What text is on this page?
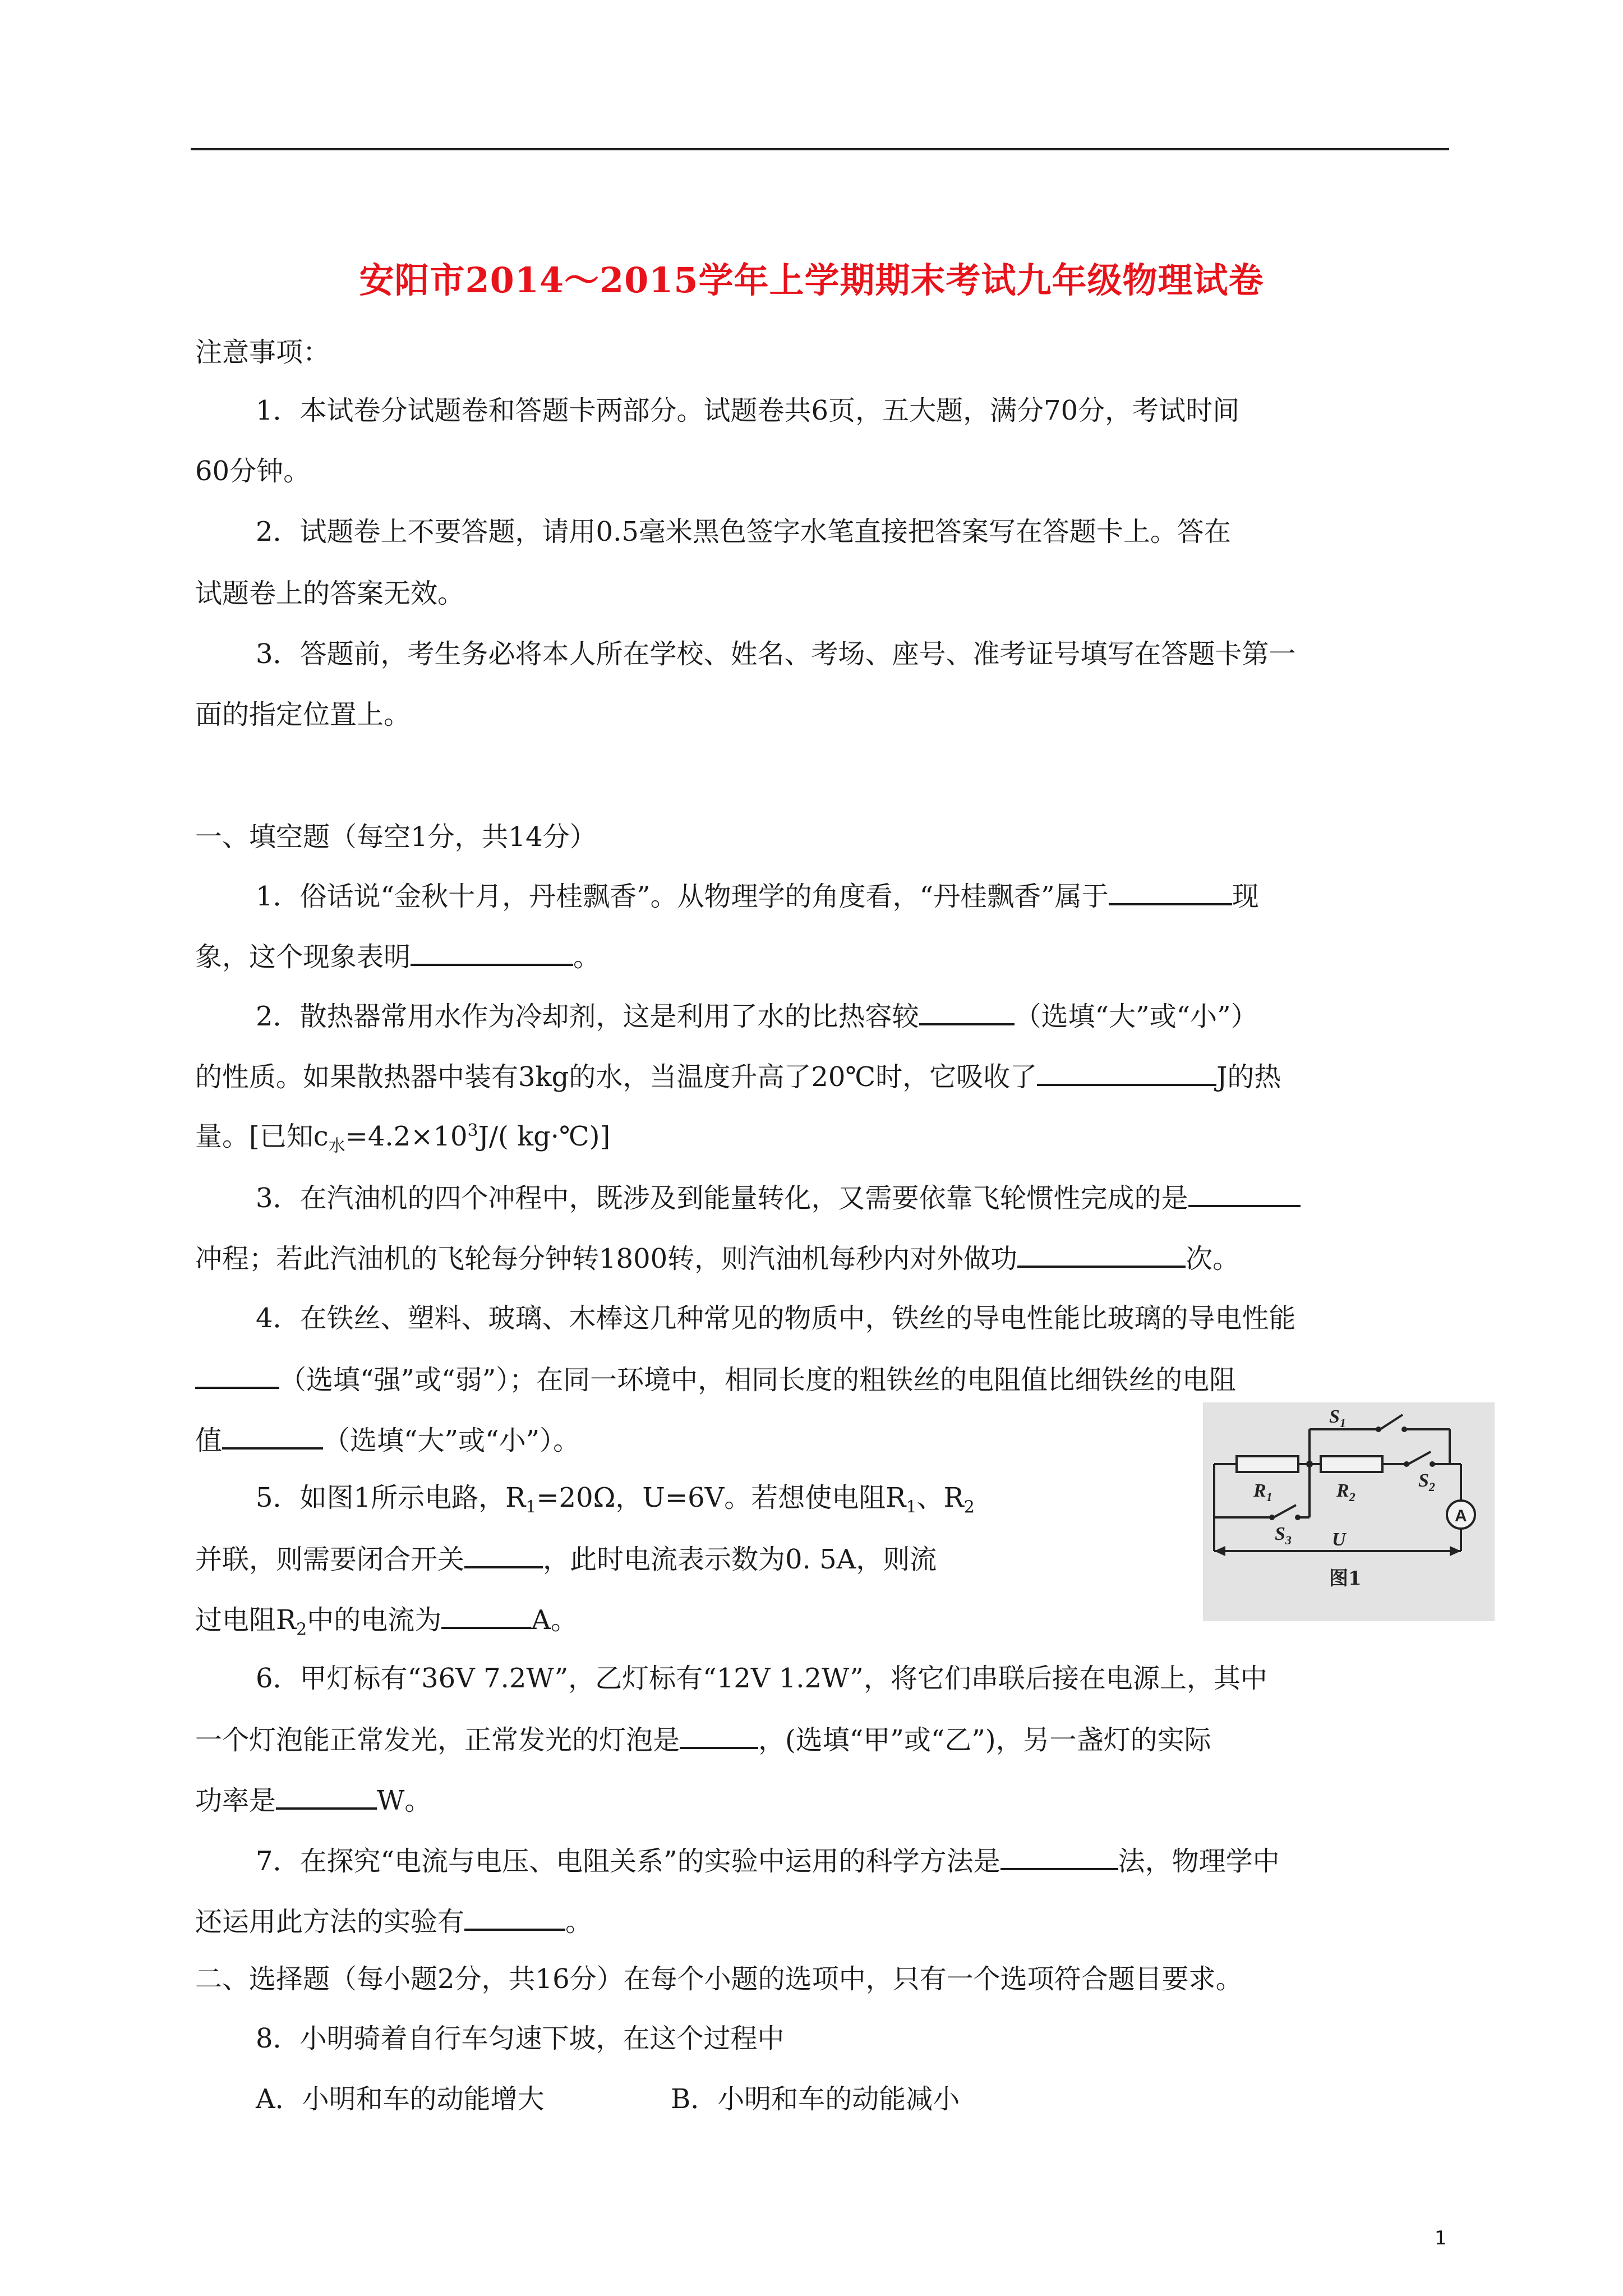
安阳市2014～2015学年上学期期末考试九年级物理试卷
注意事项：
1．本试卷分试题卷和答题卡两部分。试题卷共6页，五大题，满分70分，考试时间
60分钟。
2．试题卷上不要答题，请用0.5毫米黑色签字水笔直接把答案写在答题卡上。答在
试题卷上的答案无效。
3．答题前，考生务必将本人所在学校、姓名、考场、座号、准考证号填写在答题卡第一
面的指定位置上。
一、填空题（每空1分，共14分）
1．俗话说“金秋十月，丹桂飘香”。从物理学的角度看，“丹桂飘香”属于	现
象，这个现象表明	。
2．散热器常用水作为冷却剂，这是利用了水的比热容较	（选填“大”或“小”）
的性质。如果散热器中装有3kg的水，当温度升高了20℃时，它吸收了	J的热
量。[已知$c_水=4.2\times 10^3J/$( kg·℃)]
3．在汽油机的四个冲程中，既涉及到能量转化，又需要依靠飞轮惯性完成的是
冲程；若此汽油机的飞轮每分钟转1800转，则汽油机每秒内对外做功	次。
4．在铁丝、塑料、玻璃、木棒这几种常见的物质中，铁丝的导电性能比玻璃的导电性能
（选填“强”或“弱”）；在同一环境中，相同长度的粗铁丝的电阻值比细铁丝的电阻
值	（选填“大”或“小”）。
5．如图1所示电路，$R_1=20\Omega$，U=6V。若想使电阻$R_1$、$R_2$
并联，则需要闭合开关	，此时电流表示数为0. 5A，则流
过电阻$R_2$中的电流为	A。
6．甲灯标有“36V 7.2W”，乙灯标有“12V 1.2W”，将它们串联后接在电源上，其中
一个灯泡能正常发光，正常发光的灯泡是	，(选填“甲”或“乙”)，另一盏灯的实际
功率是	W。
7．在探究“电流与电压、电阻关系”的实验中运用的科学方法是	法，物理学中
还运用此方法的实验有	。
二、选择题（每小题2分，共16分）在每个小题的选项中，只有一个选项符合题目要求。
8．小明骑着自行车匀速下坡，在这个过程中
A．小明和车的动能增大	B．小明和车的动能减小
$S_1$
$S_2$
$S_3$
$R_1$	$R_2$
U
A
图1
1
